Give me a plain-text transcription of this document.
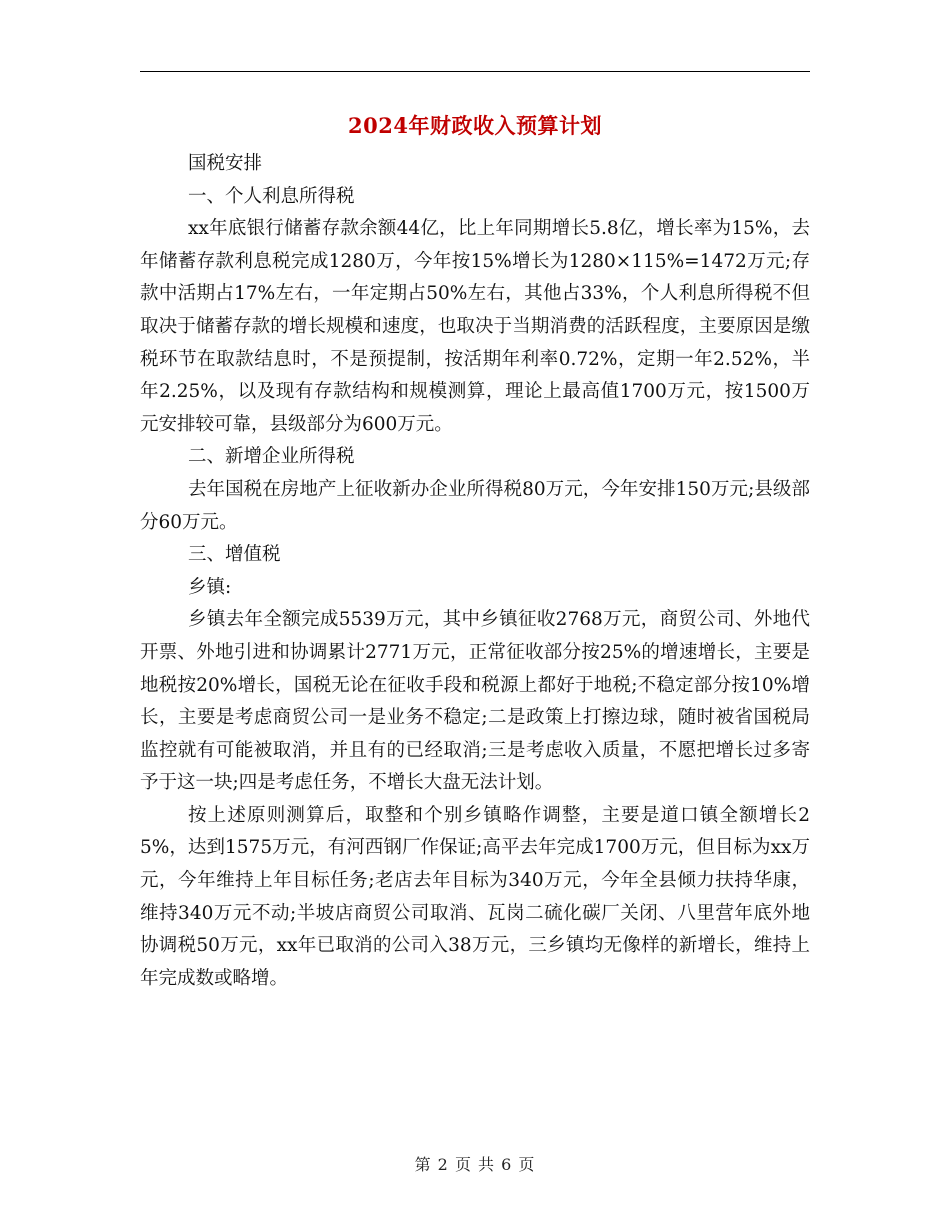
2024年财政收入预算计划

国税安排

一、个人利息所得税

xx年底银行储蓄存款余额44亿，比上年同期增长5.8亿，增长率为15%，去年储蓄存款利息税完成1280万，今年按15%增长为1280×115%=1472万元;存款中活期占17%左右，一年定期占50%左右，其他占33%，个人利息所得税不但取决于储蓄存款的增长规模和速度，也取决于当期消费的活跃程度，主要原因是缴税环节在取款结息时，不是预提制，按活期年利率0.72%，定期一年2.52%，半年2.25%，以及现有存款结构和规模测算，理论上最高值1700万元，按1500万元安排较可靠，县级部分为600万元。

二、新增企业所得税

去年国税在房地产上征收新办企业所得税80万元，今年安排150万元;县级部分60万元。

三、增值税

乡镇:

乡镇去年全额完成5539万元，其中乡镇征收2768万元，商贸公司、外地代开票、外地引进和协调累计2771万元，正常征收部分按25%的增速增长，主要是地税按20%增长，国税无论在征收手段和税源上都好于地税;不稳定部分按10%增长，主要是考虑商贸公司一是业务不稳定;二是政策上打擦边球，随时被省国税局监控就有可能被取消，并且有的已经取消;三是考虑收入质量，不愿把增长过多寄予于这一块;四是考虑任务，不增长大盘无法计划。

按上述原则测算后，取整和个别乡镇略作调整，主要是道口镇全额增长25%，达到1575万元，有河西钢厂作保证;高平去年完成1700万元，但目标为xx万元，今年维持上年目标任务;老店去年目标为340万元，今年全县倾力扶持华康，维持340万元不动;半坡店商贸公司取消、瓦岗二硫化碳厂关闭、八里营年底外地协调税50万元，xx年已取消的公司入38万元，三乡镇均无像样的新增长，维持上年完成数或略增。

第 2 页 共 6 页
